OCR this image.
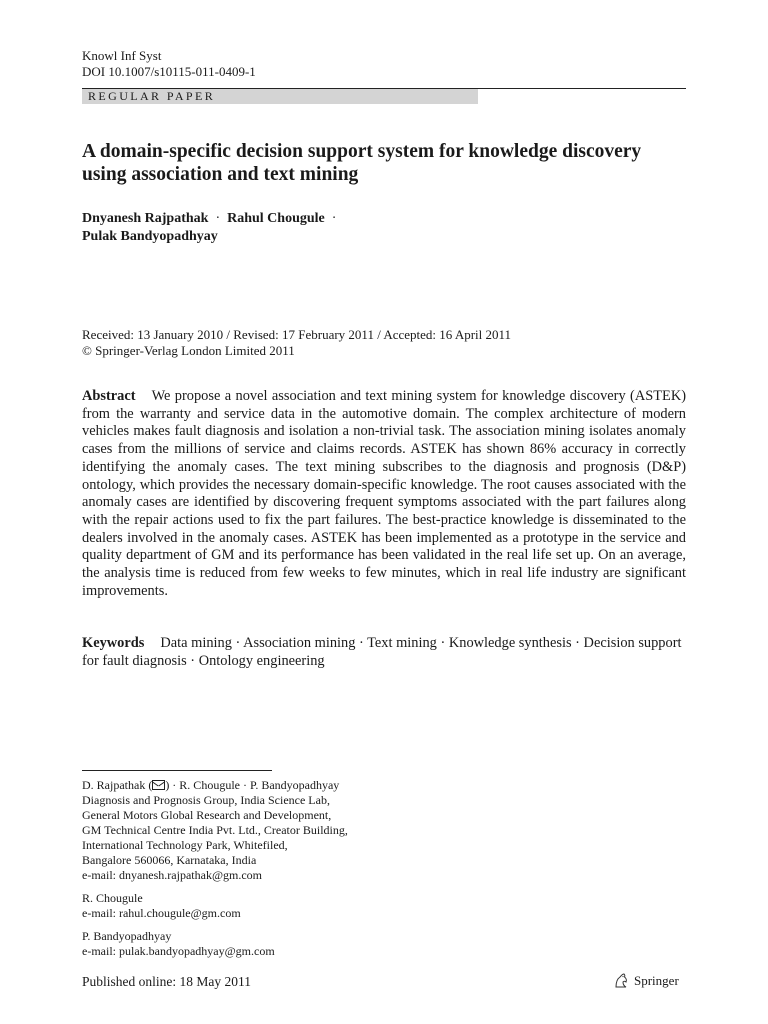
Knowl Inf Syst
DOI 10.1007/s10115-011-0409-1
REGULAR PAPER
A domain-specific decision support system for knowledge discovery using association and text mining
Dnyanesh Rajpathak · Rahul Chougule ·
Pulak Bandyopadhyay
Received: 13 January 2010 / Revised: 17 February 2011 / Accepted: 16 April 2011
© Springer-Verlag London Limited 2011

Abstract We propose a novel association and text mining system for knowledge discovery (ASTEK) from the warranty and service data in the automotive domain. The complex architecture of modern vehicles makes fault diagnosis and isolation a non-trivial task. The association mining isolates anomaly cases from the millions of service and claims records. ASTEK has shown 86% accuracy in correctly identifying the anomaly cases. The text mining subscribes to the diagnosis and prognosis (D&P) ontology, which provides the necessary domain-specific knowledge. The root causes associated with the anomaly cases are identified by discovering frequent symptoms associated with the part failures along with the repair actions used to fix the part failures. The best-practice knowledge is disseminated to the dealers involved in the anomaly cases. ASTEK has been implemented as a prototype in the service and quality department of GM and its performance has been validated in the real life set up. On an average, the analysis time is reduced from few weeks to few minutes, which in real life industry are significant improvements.

Keywords Data mining · Association mining · Text mining · Knowledge synthesis · Decision support for fault diagnosis · Ontology engineering

D. Rajpathak ( ) · R. Chougule · P. Bandyopadhyay
Diagnosis and Prognosis Group, India Science Lab,
General Motors Global Research and Development,
GM Technical Centre India Pvt. Ltd., Creator Building,
International Technology Park, Whitefiled,
Bangalore 560066, Karnataka, India
e-mail: dnyanesh.rajpathak@gm.com
R. Chougule
e-mail: rahul.chougule@gm.com
P. Bandyopadhyay
e-mail: pulak.bandyopadhyay@gm.com
Published online: 18 May 2011	Springer
